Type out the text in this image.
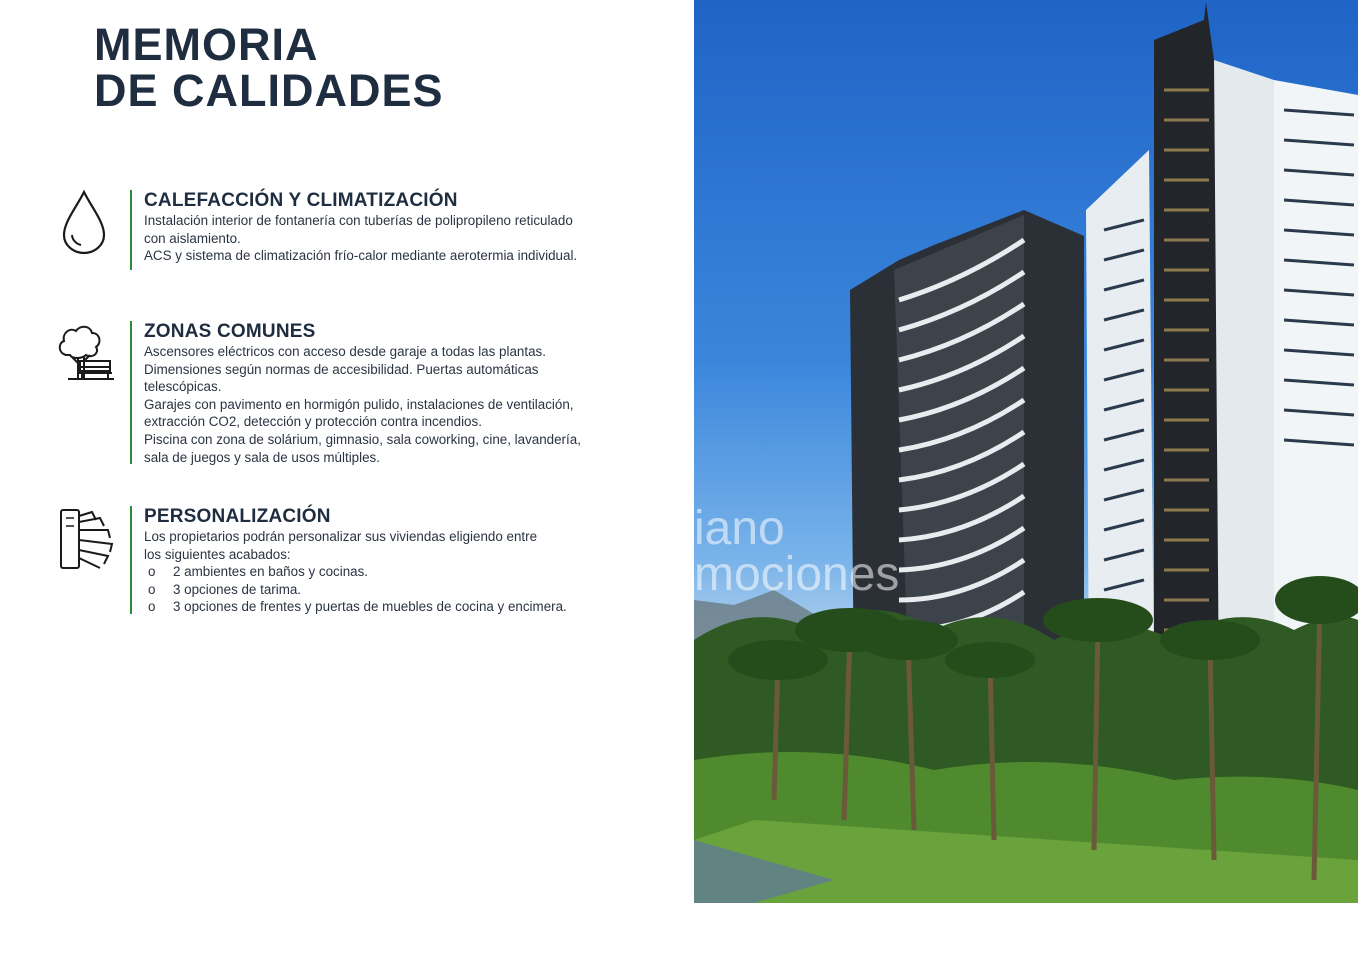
MEMORIA
DE CALIDADES
CALEFACCIÓN Y CLIMATIZACIÓN

Instalación interior de fontanería con tuberías de polipropileno reticulado

con aislamiento.

ACS y sistema de climatización frío-calor mediante aerotermia individual.

ZONAS COMUNES

Ascensores eléctricos con acceso desde garaje a todas las plantas.

Dimensiones según normas de accesibilidad. Puertas automáticas

telescópicas.

Garajes con pavimento en hormigón pulido, instalaciones de ventilación,

extracción CO2, detección y protección contra incendios.

Piscina con zona de solárium, gimnasio, sala coworking, cine, lavandería,

sala de juegos y sala de usos múltiples.

PERSONALIZACIÓN

Los propietarios podrán personalizar sus viviendas eligiendo entre

los siguientes acabados:

o 2 ambientes en baños y cocinas.
o 3 opciones de tarima.
o 3 opciones de frentes y puertas de muebles de cocina y encimera.
iano
mociones
